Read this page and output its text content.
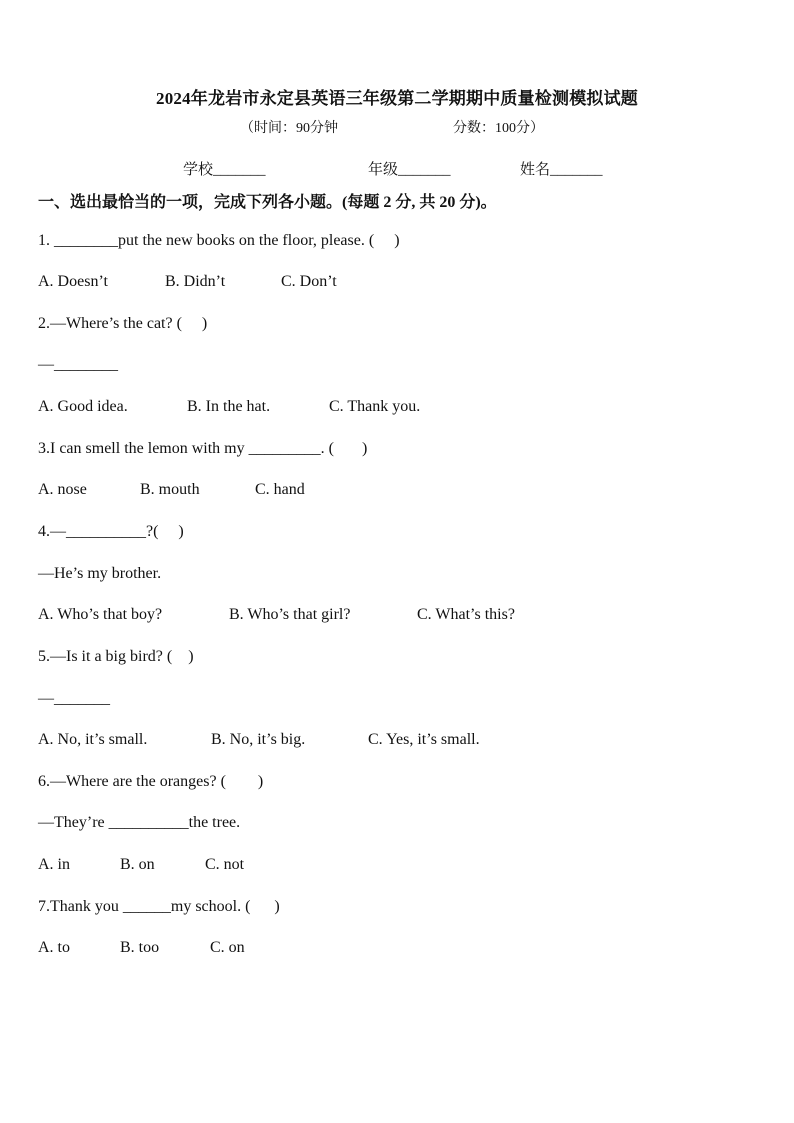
2024年龙岩市永定县英语三年级第二学期期中质量检测模拟试题
（时间：90分钟	分数：100分）
学校_______	年级_______	姓名_______
一、选出最恰当的一项，完成下列各小题。(每题 2 分, 共 20 分)。
1. ________put the new books on the floor, please. (     )
A. Doesn’t	B. Didn’t	C. Don’t
2.—Where’s the cat? (     )
—________
A. Good idea.	B. In the hat.	C. Thank you.
3.I can smell the lemon with my _________. (       )
A. nose	B. mouth	C. hand
4.—__________?(     )
—He’s my brother.
A. Who’s that boy?	B. Who’s that girl?	C. What’s this?
5.—Is it a big bird? (    )
—_______
A. No, it’s small.	B. No, it’s big.	C. Yes, it’s small.
6.—Where are the oranges? (        )
—They’re __________the tree.
A. in	B. on	C. not
7.Thank you ______my school. (      )
A. to	B. too	C. on
